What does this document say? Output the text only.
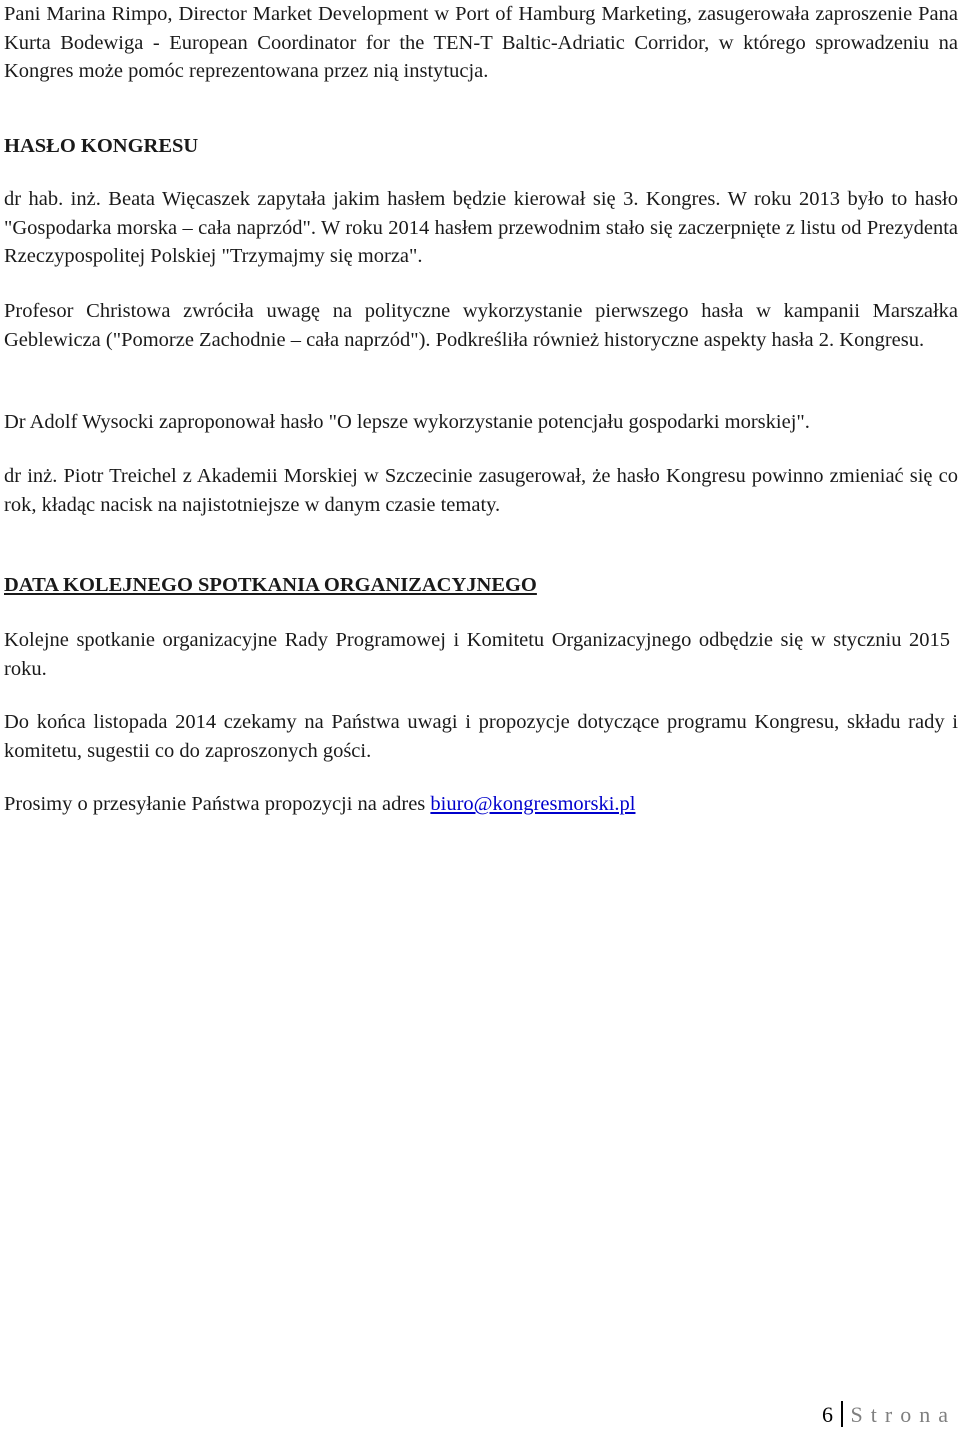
Pani Marina Rimpo, Director Market Development w Port of Hamburg Marketing, zasugerowała zaproszenie Pana Kurta Bodewiga - European Coordinator for the TEN-T Baltic-Adriatic Corridor, w którego sprowadzeniu na Kongres może pomóc reprezentowana przez nią instytucja.

HASŁO KONGRESU

dr hab. inż. Beata Więcaszek zapytała jakim hasłem będzie kierował się 3. Kongres. W roku 2013 było to hasło "Gospodarka morska – cała naprzód". W roku 2014 hasłem przewodnim stało się zaczerpnięte z listu od Prezydenta Rzeczypospolitej Polskiej "Trzymajmy się morza".

Profesor Christowa zwróciła uwagę na polityczne wykorzystanie pierwszego hasła w kampanii Marszałka Geblewicza ("Pomorze Zachodnie – cała naprzód"). Podkreśliła również historyczne aspekty hasła 2. Kongresu.

Dr Adolf Wysocki zaproponował hasło "O lepsze wykorzystanie potencjału gospodarki morskiej".

dr inż. Piotr Treichel z Akademii Morskiej w Szczecinie zasugerował, że hasło Kongresu powinno zmieniać się co rok, kładąc nacisk na najistotniejsze w danym czasie tematy.

DATA KOLEJNEGO SPOTKANIA ORGANIZACYJNEGO

Kolejne spotkanie organizacyjne Rady Programowej i Komitetu Organizacyjnego odbędzie się w styczniu 2015 roku.

Do końca listopada 2014 czekamy na Państwa uwagi i propozycje dotyczące programu Kongresu, składu rady i komitetu, sugestii co do zaproszonych gości.

Prosimy o przesyłanie Państwa propozycji na adres biuro@kongresmorski.pl

6 Strona
